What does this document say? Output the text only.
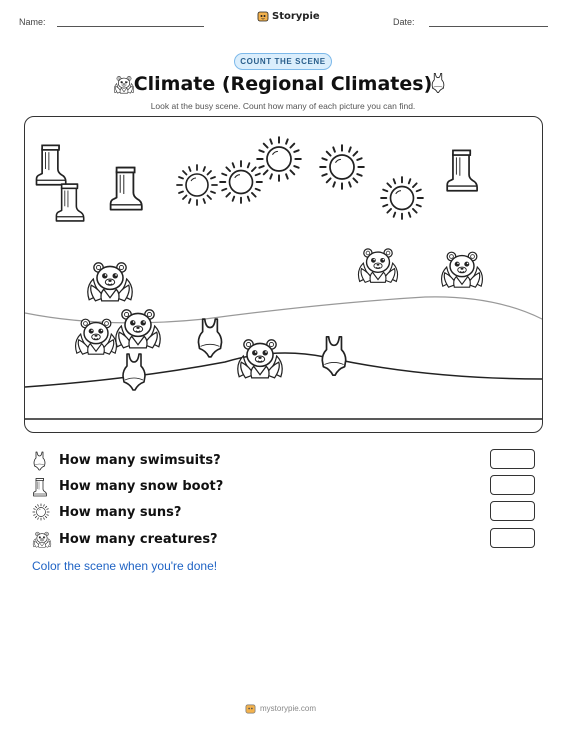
Name:
Storypie
Date:
COUNT THE SCENE
Climate (Regional Climates)
Look at the busy scene. Count how many of each picture you can find.
How many swimsuits?
How many snow boot?
How many suns?
How many creatures?
Color the scene when you're done!
mystorypie.com
